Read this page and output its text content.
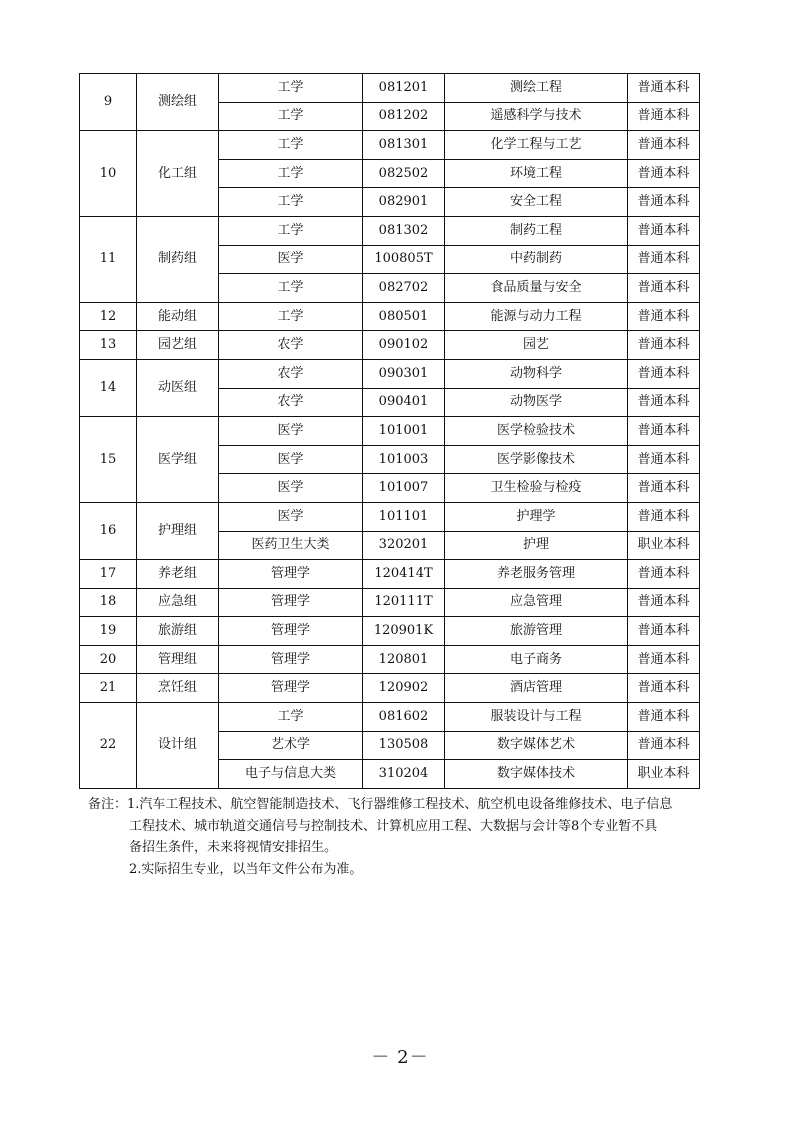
9	测绘组	工学	081201	测绘工程	普通本科
		工学	081202	遥感科学与技术	普通本科
10	化工组	工学	081301	化学工程与工艺	普通本科
		工学	082502	环境工程	普通本科
		工学	082901	安全工程	普通本科
11	制药组	工学	081302	制药工程	普通本科
		医学	100805T	中药制药	普通本科
		工学	082702	食品质量与安全	普通本科
12	能动组	工学	080501	能源与动力工程	普通本科
13	园艺组	农学	090102	园艺	普通本科
14	动医组	农学	090301	动物科学	普通本科
		农学	090401	动物医学	普通本科
15	医学组	医学	101001	医学检验技术	普通本科
		医学	101003	医学影像技术	普通本科
		医学	101007	卫生检验与检疫	普通本科
16	护理组	医学	101101	护理学	普通本科
		医药卫生大类	320201	护理	职业本科
17	养老组	管理学	120414T	养老服务管理	普通本科
18	应急组	管理学	120111T	应急管理	普通本科
19	旅游组	管理学	120901K	旅游管理	普通本科
20	管理组	管理学	120801	电子商务	普通本科
21	烹饪组	管理学	120902	酒店管理	普通本科
22	设计组	工学	081602	服装设计与工程	普通本科
		艺术学	130508	数字媒体艺术	普通本科
		电子与信息大类	310204	数字媒体技术	职业本科
备注：1.汽车工程技术、航空智能制造技术、飞行器维修工程技术、航空机电设备维修技术、电子信息
工程技术、城市轨道交通信号与控制技术、计算机应用工程、大数据与会计等8个专业暂不具
备招生条件，未来将视情安排招生。
2.实际招生专业，以当年文件公布为准。
－ 2－
